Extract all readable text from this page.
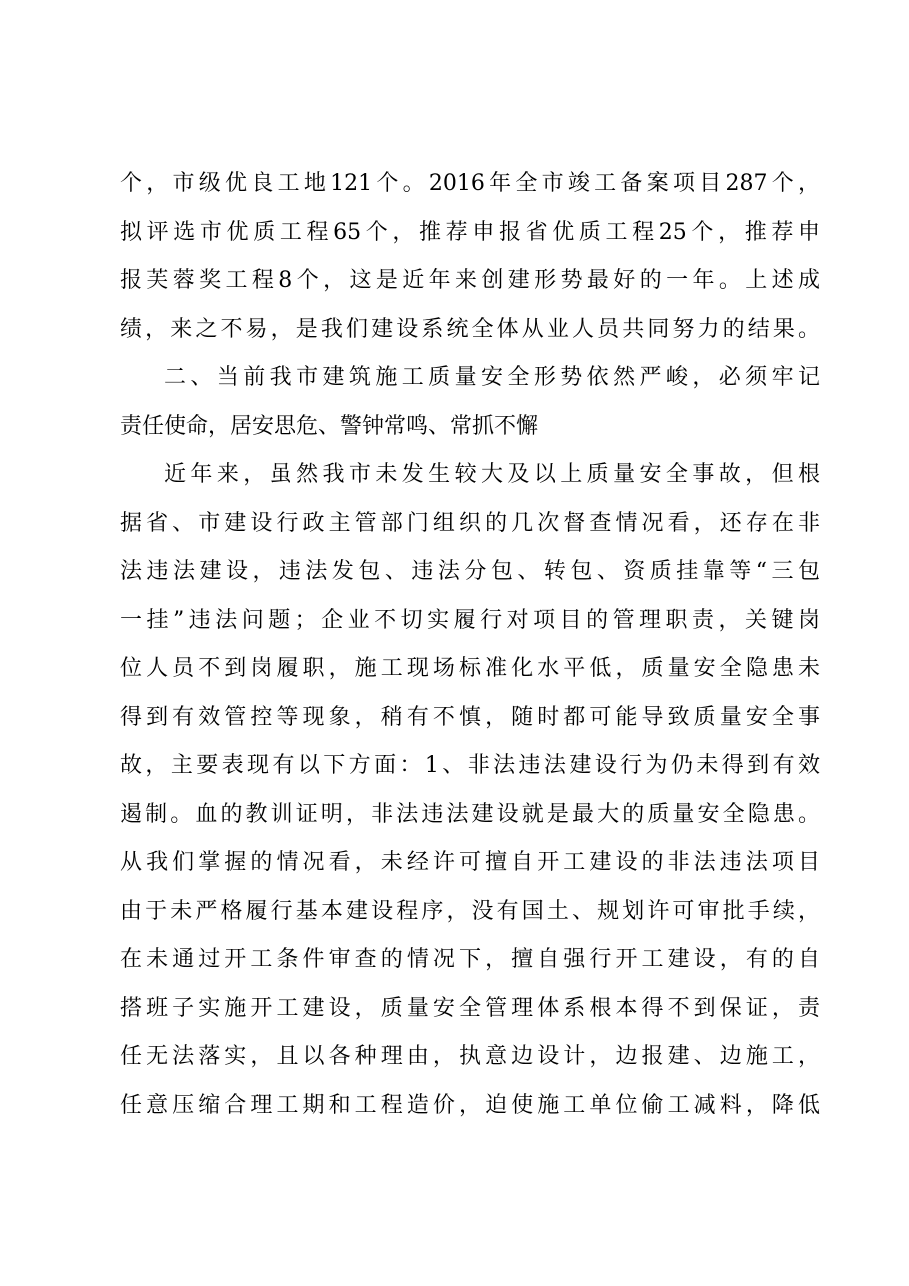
个，市级优良工地121个。2016年全市竣工备案项目287个，
拟评选市优质工程65个，推荐申报省优质工程25个，推荐申
报芙蓉奖工程8个，这是近年来创建形势最好的一年。上述成
绩，来之不易，是我们建设系统全体从业人员共同努力的结果。
二、当前我市建筑施工质量安全形势依然严峻，必须牢记
责任使命，居安思危、警钟常鸣、常抓不懈
近年来，虽然我市未发生较大及以上质量安全事故，但根
据省、市建设行政主管部门组织的几次督查情况看，还存在非
法违法建设，违法发包、违法分包、转包、资质挂靠等“三包
一挂”违法问题；企业不切实履行对项目的管理职责，关键岗
位人员不到岗履职，施工现场标准化水平低，质量安全隐患未
得到有效管控等现象，稍有不慎，随时都可能导致质量安全事
故，主要表现有以下方面：1、非法违法建设行为仍未得到有效
遏制。血的教训证明，非法违法建设就是最大的质量安全隐患。
从我们掌握的情况看，未经许可擅自开工建设的非法违法项目
由于未严格履行基本建设程序，没有国土、规划许可审批手续，
在未通过开工条件审查的情况下，擅自强行开工建设，有的自
搭班子实施开工建设，质量安全管理体系根本得不到保证，责
任无法落实，且以各种理由，执意边设计，边报建、边施工，
任意压缩合理工期和工程造价，迫使施工单位偷工减料，降低
